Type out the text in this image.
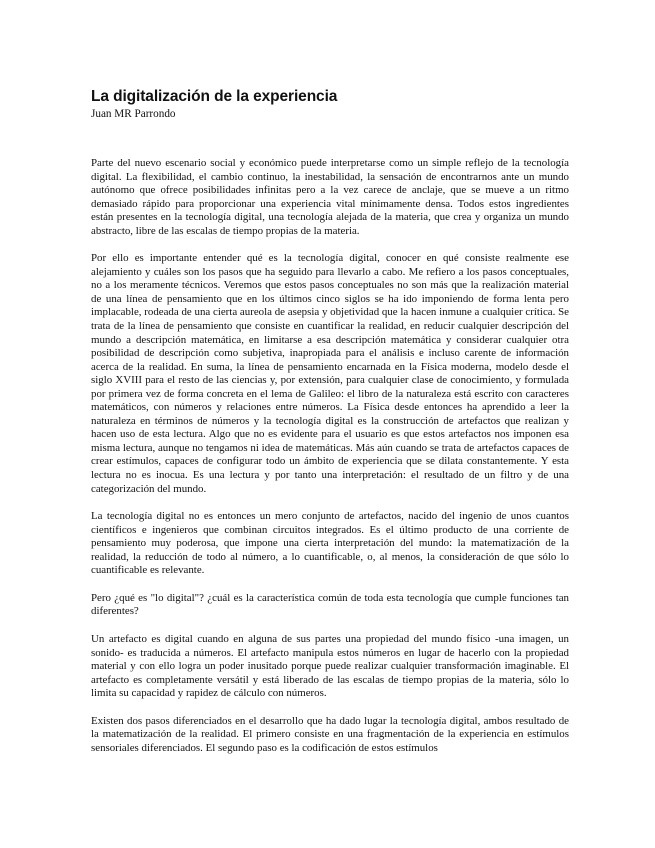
La digitalización de la experiencia
Juan MR Parrondo

Parte del nuevo escenario social y económico puede interpretarse como un simple reflejo de la tecnología digital. La flexibilidad, el cambio continuo, la inestabilidad, la sensación de encontrarnos ante un mundo autónomo que ofrece posibilidades infinitas pero a la vez carece de anclaje, que se mueve a un ritmo demasiado rápido para proporcionar una experiencia vital mínimamente densa. Todos estos ingredientes están presentes en la tecnología digital, una tecnología alejada de la materia, que crea y organiza un mundo abstracto, libre de las escalas de tiempo propias de la materia.

Por ello es importante entender qué es la tecnología digital, conocer en qué consiste realmente ese alejamiento y cuáles son los pasos que ha seguido para llevarlo a cabo. Me refiero a los pasos conceptuales, no a los meramente técnicos. Veremos que estos pasos conceptuales no son más que la realización material de una línea de pensamiento que en los últimos cinco siglos se ha ido imponiendo de forma lenta pero implacable, rodeada de una cierta aureola de asepsia y objetividad que la hacen inmune a cualquier crítica. Se trata de la línea de pensamiento que consiste en cuantificar la realidad, en reducir cualquier descripción del mundo a descripción matemática, en limitarse a esa descripción matemática y considerar cualquier otra posibilidad de descripción como subjetiva, inapropiada para el análisis e incluso carente de información acerca de la realidad. En suma, la línea de pensamiento encarnada en la Física moderna, modelo desde el siglo XVIII para el resto de las ciencias y, por extensión, para cualquier clase de conocimiento, y formulada por primera vez de forma concreta en el lema de Galileo: el libro de la naturaleza está escrito con caracteres matemáticos, con números y relaciones entre números. La Física desde entonces ha aprendido a leer la naturaleza en términos de números y la tecnología digital es la construcción de artefactos que realizan y hacen uso de esta lectura. Algo que no es evidente para el usuario es que estos artefactos nos imponen esa misma lectura, aunque no tengamos ni idea de matemáticas. Más aún cuando se trata de artefactos capaces de crear estímulos, capaces de configurar todo un ámbito de experiencia que se dilata constantemente. Y esta lectura no es inocua. Es una lectura y por tanto una interpretación: el resultado de un filtro y de una categorización del mundo.

La tecnología digital no es entonces un mero conjunto de artefactos, nacido del ingenio de unos cuantos científicos e ingenieros que combinan circuitos integrados. Es el último producto de una corriente de pensamiento muy poderosa, que impone una cierta interpretación del mundo: la matematización de la realidad, la reducción de todo al número, a lo cuantificable, o, al menos, la consideración de que sólo lo cuantificable es relevante.

Pero ¿qué es "lo digital"? ¿cuál es la característica común de toda esta tecnología que cumple funciones tan diferentes?

Un artefacto es digital cuando en alguna de sus partes una propiedad del mundo físico -una imagen, un sonido- es traducida a números. El artefacto manipula estos números en lugar de hacerlo con la propiedad material y con ello logra un poder inusitado porque puede realizar cualquier transformación imaginable. El artefacto es completamente versátil y está liberado de las escalas de tiempo propias de la materia, sólo lo limita su capacidad y rapidez de cálculo con números.

Existen dos pasos diferenciados en el desarrollo que ha dado lugar la tecnología digital, ambos resultado de la matematización de la realidad. El primero consiste en una fragmentación de la experiencia en estímulos sensoriales diferenciados. El segundo paso es la codificación de estos estímulos
